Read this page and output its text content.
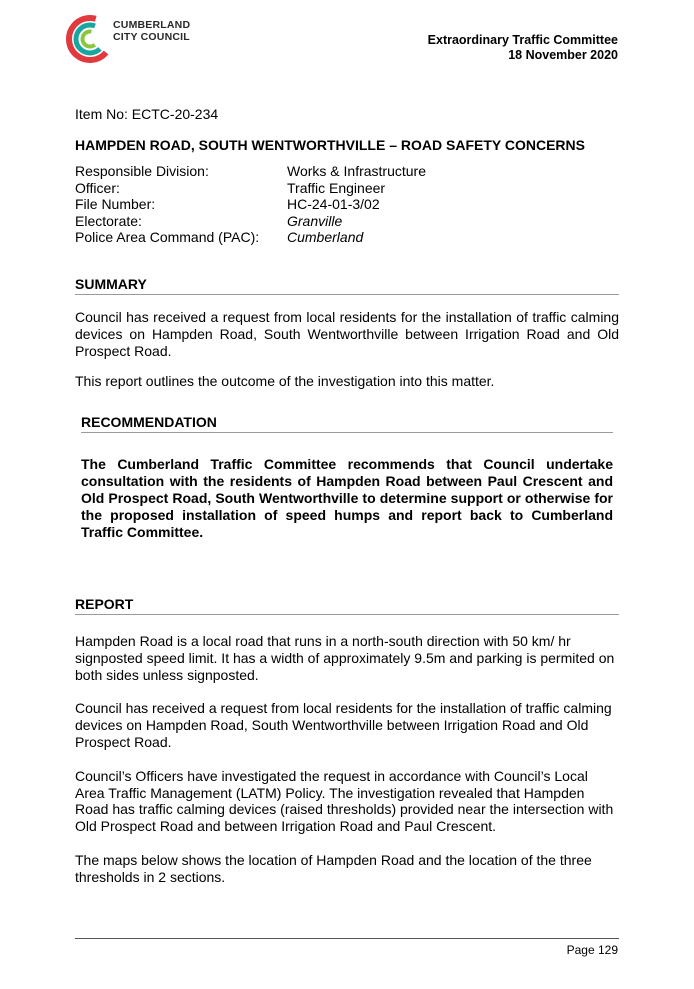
CUMBERLAND
CITY COUNCIL	Extraordinary Traffic Committee
18 November 2020

Item No: ECTC-20-234

HAMPDEN ROAD, SOUTH WENTWORTHVILLE – ROAD SAFETY CONCERNS

Responsible Division:	Works & Infrastructure
Officer:	Traffic Engineer
File Number:	HC-24-01-3/02
Electorate:	Granville
Police Area Command (PAC):	Cumberland
SUMMARY

Council has received a request from local residents for the installation of traffic calming devices on Hampden Road, South Wentworthville between Irrigation Road and Old Prospect Road.

This report outlines the outcome of the investigation into this matter.

RECOMMENDATION

The Cumberland Traffic Committee recommends that Council undertake consultation with the residents of Hampden Road between Paul Crescent and Old Prospect Road, South Wentworthville to determine support or otherwise for the proposed installation of speed humps and report back to Cumberland Traffic Committee.

REPORT

Hampden Road is a local road that runs in a north-south direction with 50 km/ hr signposted speed limit. It has a width of approximately 9.5m and parking is permited on both sides unless signposted.

Council has received a request from local residents for the installation of traffic calming devices on Hampden Road, South Wentworthville between Irrigation Road and Old Prospect Road.

Council’s Officers have investigated the request in accordance with Council’s Local Area Traffic Management (LATM) Policy. The investigation revealed that Hampden Road has traffic calming devices (raised thresholds) provided near the intersection with Old Prospect Road and between Irrigation Road and Paul Crescent.

The maps below shows the location of Hampden Road and the location of the three thresholds in 2 sections.

Page 129
